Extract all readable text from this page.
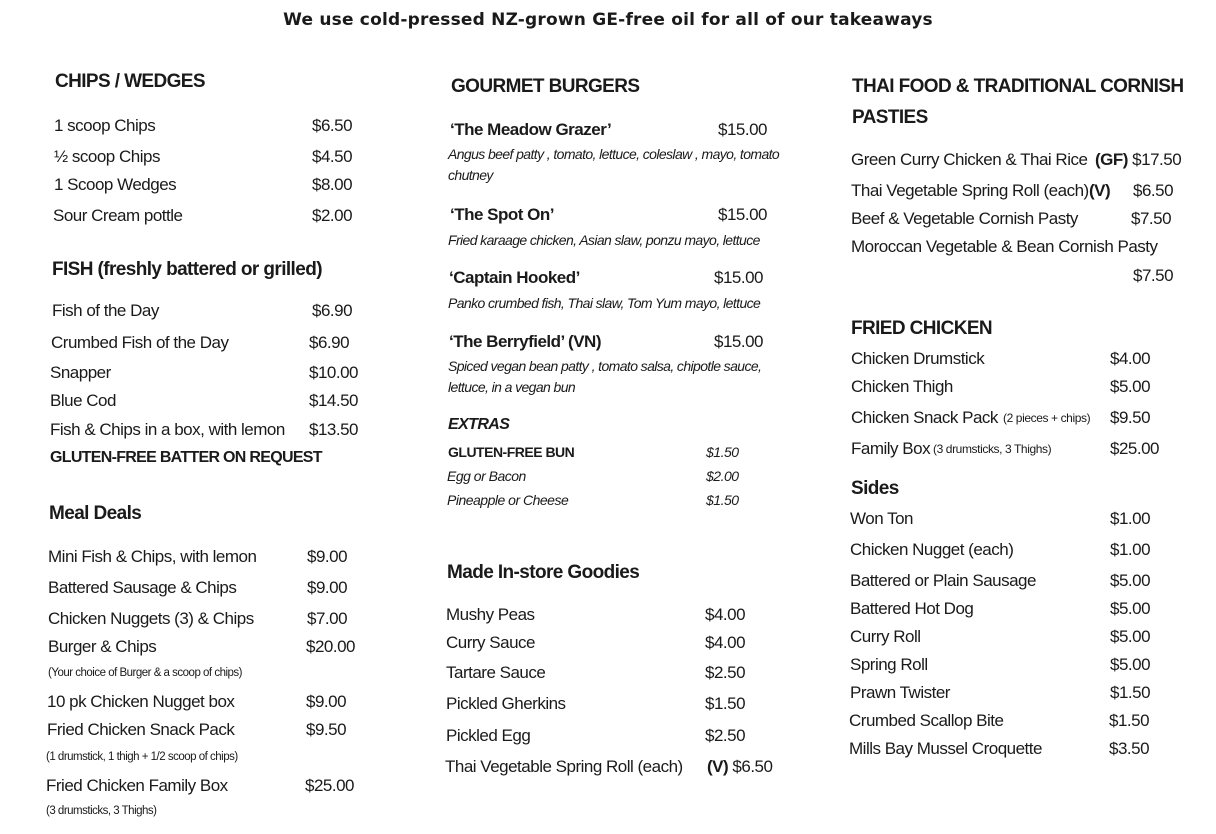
We use cold-pressed NZ-grown GE-free oil for all of our takeaways
CHIPS / WEDGES
1 scoop Chips	$6.50
½ scoop Chips	$4.50
1 Scoop Wedges	$8.00
Sour Cream pottle	$2.00
FISH (freshly battered or grilled)
Fish of the Day	$6.90
Crumbed Fish of the Day	$6.90
Snapper	$10.00
Blue Cod	$14.50
Fish & Chips in a box, with lemon $13.50
GLUTEN-FREE BATTER ON REQUEST
Meal Deals
Mini Fish & Chips, with lemon	$9.00
Battered Sausage & Chips	$9.00
Chicken Nuggets (3) & Chips	$7.00
Burger & Chips	$20.00
(Your choice of Burger & a scoop of chips)
10 pk Chicken Nugget box	$9.00
Fried Chicken Snack Pack	$9.50
(1 drumstick, 1 thigh + 1/2 scoop of chips)
Fried Chicken Family Box	$25.00
(3 drumsticks, 3 Thighs)
GOURMET BURGERS
‘The Meadow Grazer’	$15.00
Angus beef patty , tomato, lettuce, coleslaw , mayo, tomato chutney
‘The Spot On’	$15.00
Fried karaage chicken, Asian slaw, ponzu mayo, lettuce
‘Captain Hooked’	$15.00
Panko crumbed fish, Thai slaw, Tom Yum mayo, lettuce
‘The Berryfield’ (VN)	$15.00
Spiced vegan bean patty , tomato salsa, chipotle sauce, lettuce, in a vegan bun
EXTRAS
GLUTEN-FREE BUN	$1.50
Egg or Bacon	$2.00
Pineapple or Cheese	$1.50
Made In-store Goodies
Mushy Peas	$4.00
Curry Sauce	$4.00
Tartare Sauce	$2.50
Pickled Gherkins	$1.50
Pickled Egg	$2.50
Thai Vegetable Spring Roll (each) (V) $6.50
THAI FOOD & TRADITIONAL CORNISH
PASTIES
Green Curry Chicken & Thai Rice (GF) $17.50
Thai Vegetable Spring Roll (each) (V) $6.50
Beef & Vegetable Cornish Pasty	$7.50
Moroccan Vegetable & Bean Cornish Pasty
$7.50
FRIED CHICKEN
Chicken Drumstick	$4.00
Chicken Thigh	$5.00
Chicken Snack Pack (2 pieces + chips) $9.50
Family Box (3 drumsticks, 3 Thighs)	$25.00
Sides
Won Ton	$1.00
Chicken Nugget (each)	$1.00
Battered or Plain Sausage	$5.00
Battered Hot Dog	$5.00
Curry Roll	$5.00
Spring Roll	$5.00
Prawn Twister	$1.50
Crumbed Scallop Bite	$1.50
Mills Bay Mussel Croquette	$3.50
